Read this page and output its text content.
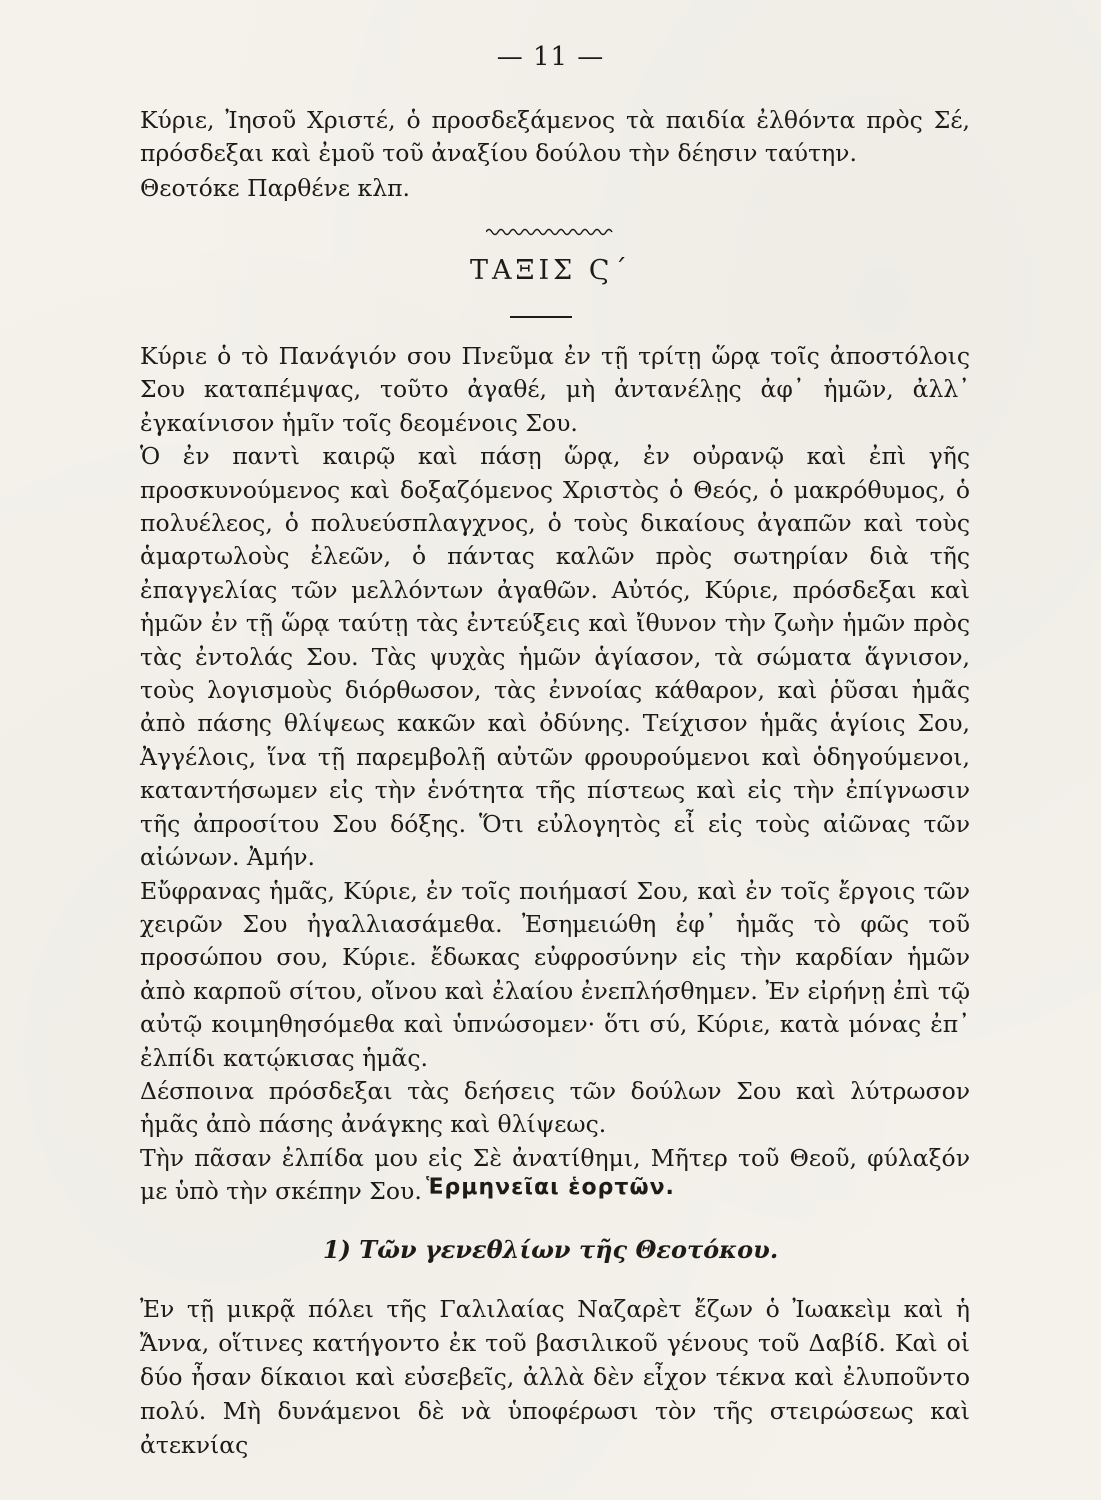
— 11 —

Κύριε, Ἰησοῦ Χριστέ, ὁ προσδεξάμενος τὰ παιδία ἐλθόντα πρὸς Σέ, πρόσδεξαι καὶ ἐμοῦ τοῦ ἀναξίου δούλου τὴν δέησιν ταύτην.

Θεοτόκε Παρθένε κλπ.

ΤΑΞΙΣ Ϛ΄

Κύριε ὁ τὸ Πανάγιόν σου Πνεῦμα ἐν τῇ τρίτῃ ὥρᾳ τοῖς ἀποστόλοις Σου καταπέμψας, τοῦτο ἀγαθέ, μὴ ἀντανέλῃς ἀφ᾿ ἡμῶν, ἀλλ᾿ ἐγκαίνισον ἡμῖν τοῖς δεομένοις Σου.

Ὁ ἐν παντὶ καιρῷ καὶ πάσῃ ὥρᾳ, ἐν οὐρανῷ καὶ ἐπὶ γῆς προσκυνούμενος καὶ δοξαζόμενος Χριστὸς ὁ Θεός, ὁ μακρόθυμος, ὁ πολυέλεος, ὁ πολυεύσπλαγχνος, ὁ τοὺς δικαίους ἀγαπῶν καὶ τοὺς ἁμαρτωλοὺς ἐλεῶν, ὁ πάντας καλῶν πρὸς σωτηρίαν διὰ τῆς ἐπαγγελίας τῶν μελλόντων ἀγαθῶν. Αὐτός, Κύριε, πρόσδεξαι καὶ ἡμῶν ἐν τῇ ὥρᾳ ταύτῃ τὰς ἐντεύξεις καὶ ἴθυνον τὴν ζωὴν ἡμῶν πρὸς τὰς ἐντολάς Σου. Τὰς ψυχὰς ἡμῶν ἁγίασον, τὰ σώματα ἅγνισον, τοὺς λογισμοὺς διόρθωσον, τὰς ἐννοίας κάθαρον, καὶ ῥῦσαι ἡμᾶς ἀπὸ πάσης θλίψεως κακῶν καὶ ὀδύνης. Τείχισον ἡμᾶς ἁγίοις Σου, Ἀγγέλοις, ἵνα τῇ παρεμβολῇ αὐτῶν φρουρούμενοι καὶ ὁδηγούμενοι, καταντήσωμεν εἰς τὴν ἑνότητα τῆς πίστεως καὶ εἰς τὴν ἐπίγνωσιν τῆς ἀπροσίτου Σου δόξης. Ὅτι εὐλογητὸς εἶ εἰς τοὺς αἰῶνας τῶν αἰώνων. Ἀμήν.

Εὔφρανας ἡμᾶς, Κύριε, ἐν τοῖς ποιήμασί Σου, καὶ ἐν τοῖς ἔργοις τῶν χειρῶν Σου ἠγαλλιασάμεθα. Ἐσημειώθη ἐφ᾿ ἡμᾶς τὸ φῶς τοῦ προσώπου σου, Κύριε. ἔδωκας εὐφροσύνην εἰς τὴν καρδίαν ἡμῶν ἀπὸ καρποῦ σίτου, οἴνου καὶ ἐλαίου ἐνεπλήσθημεν. Ἐν εἰρήνῃ ἐπὶ τῷ αὐτῷ κοιμηθησόμεθα καὶ ὑπνώσομεν· ὅτι σύ, Κύριε, κατὰ μόνας ἐπ᾿ ἐλπίδι κατῴκισας ἡμᾶς.

Δέσποινα πρόσδεξαι τὰς δεήσεις τῶν δούλων Σου καὶ λύτρωσον ἡμᾶς ἀπὸ πάσης ἀνάγκης καὶ θλίψεως.

Τὴν πᾶσαν ἐλπίδα μου εἰς Σὲ ἀνατίθημι, Μῆτερ τοῦ Θεοῦ, φύλαξόν με ὑπὸ τὴν σκέπην Σου. Ἑρμηνεῖαι ἑορτῶν.
1) Τῶν γενεθλίων τῆς Θεοτόκου.

Ἐν τῇ μικρᾷ πόλει τῆς Γαλιλαίας Ναζαρὲτ ἔζων ὁ Ἰωακεὶμ καὶ ἡ Ἄννα, οἵτινες κατήγοντο ἐκ τοῦ βασιλικοῦ γένους τοῦ Δαβίδ. Καὶ οἱ δύο ἦσαν δίκαιοι καὶ εὐσεβεῖς, ἀλλὰ δὲν εἶχον τέκνα καὶ ἐλυποῦντο πολύ. Μὴ δυνάμενοι δὲ νὰ ὑποφέρωσι τὸν τῆς στειρώσεως καὶ ἀτεκνίας
